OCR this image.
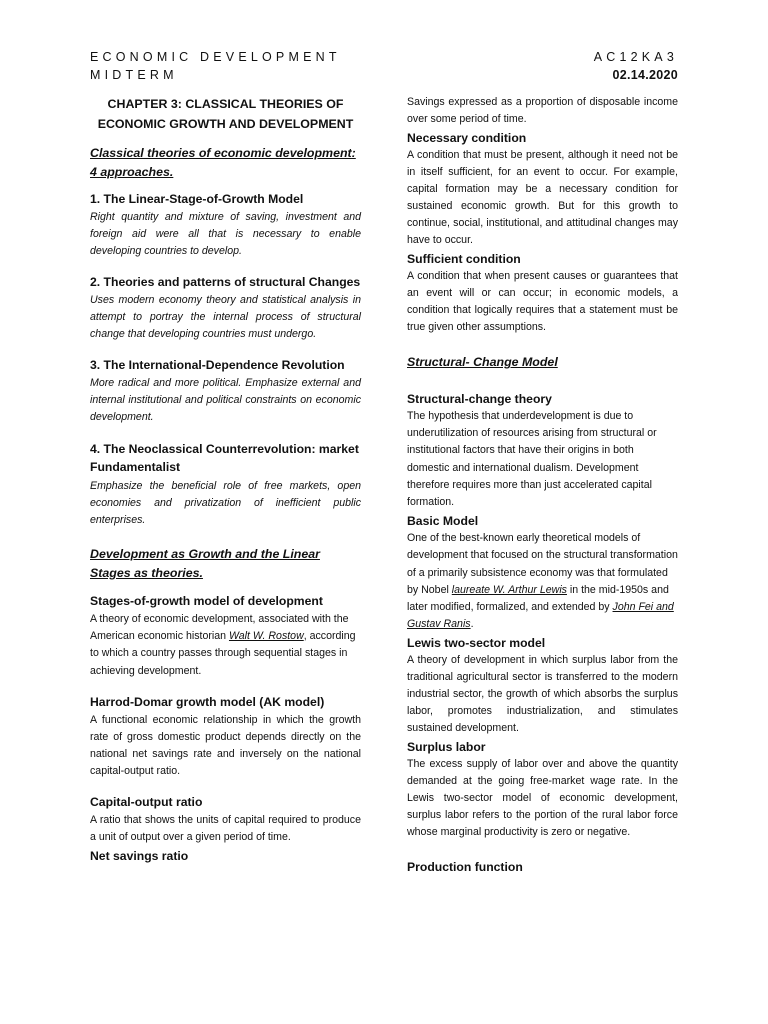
ECONOMIC DEVELOPMENT
MIDTERM
AC12KA3
02.14.2020

CHAPTER 3: CLASSICAL THEORIES OF ECONOMIC GROWTH AND DEVELOPMENT

Classical theories of economic development: 4 approaches.

1. The Linear-Stage-of-Growth Model

Right quantity and mixture of saving, investment and foreign aid were all that is necessary to enable developing countries to develop.

2. Theories and patterns of structural Changes

Uses modern economy theory and statistical analysis in attempt to portray the internal process of structural change that developing countries must undergo.

3. The International-Dependence Revolution

More radical and more political. Emphasize external and internal institutional and political constraints on economic development.

4. The Neoclassical Counterrevolution: market Fundamentalist

Emphasize the beneficial role of free markets, open economies and privatization of inefficient public enterprises.

Development as Growth and the Linear Stages as theories.

Stages-of-growth model of development

A theory of economic development, associated with the American economic historian Walt W. Rostow, according to which a country passes through sequential stages in achieving development.

Harrod-Domar growth model (AK model)

A functional economic relationship in which the growth rate of gross domestic product depends directly on the national net savings rate and inversely on the national capital-output ratio.

Capital-output ratio

A ratio that shows the units of capital required to produce a unit of output over a given period of time.

Net savings ratio

Savings expressed as a proportion of disposable income over some period of time.

Necessary condition

A condition that must be present, although it need not be in itself sufficient, for an event to occur. For example, capital formation may be a necessary condition for sustained economic growth. But for this growth to continue, social, institutional, and attitudinal changes may have to occur.

Sufficient condition

A condition that when present causes or guarantees that an event will or can occur; in economic models, a condition that logically requires that a statement must be true given other assumptions.

Structural- Change Model

Structural-change theory

The hypothesis that underdevelopment is due to underutilization of resources arising from structural or institutional factors that have their origins in both domestic and international dualism. Development therefore requires more than just accelerated capital formation.

Basic Model

One of the best-known early theoretical models of development that focused on the structural transformation of a primarily subsistence economy was that formulated by Nobel laureate W. Arthur Lewis in the mid-1950s and later modified, formalized, and extended by John Fei and Gustav Ranis.

Lewis two-sector model

A theory of development in which surplus labor from the traditional agricultural sector is transferred to the modern industrial sector, the growth of which absorbs the surplus labor, promotes industrialization, and stimulates sustained development.

Surplus labor

The excess supply of labor over and above the quantity demanded at the going free-market wage rate. In the Lewis two-sector model of economic development, surplus labor refers to the portion of the rural labor force whose marginal productivity is zero or negative.

Production function
